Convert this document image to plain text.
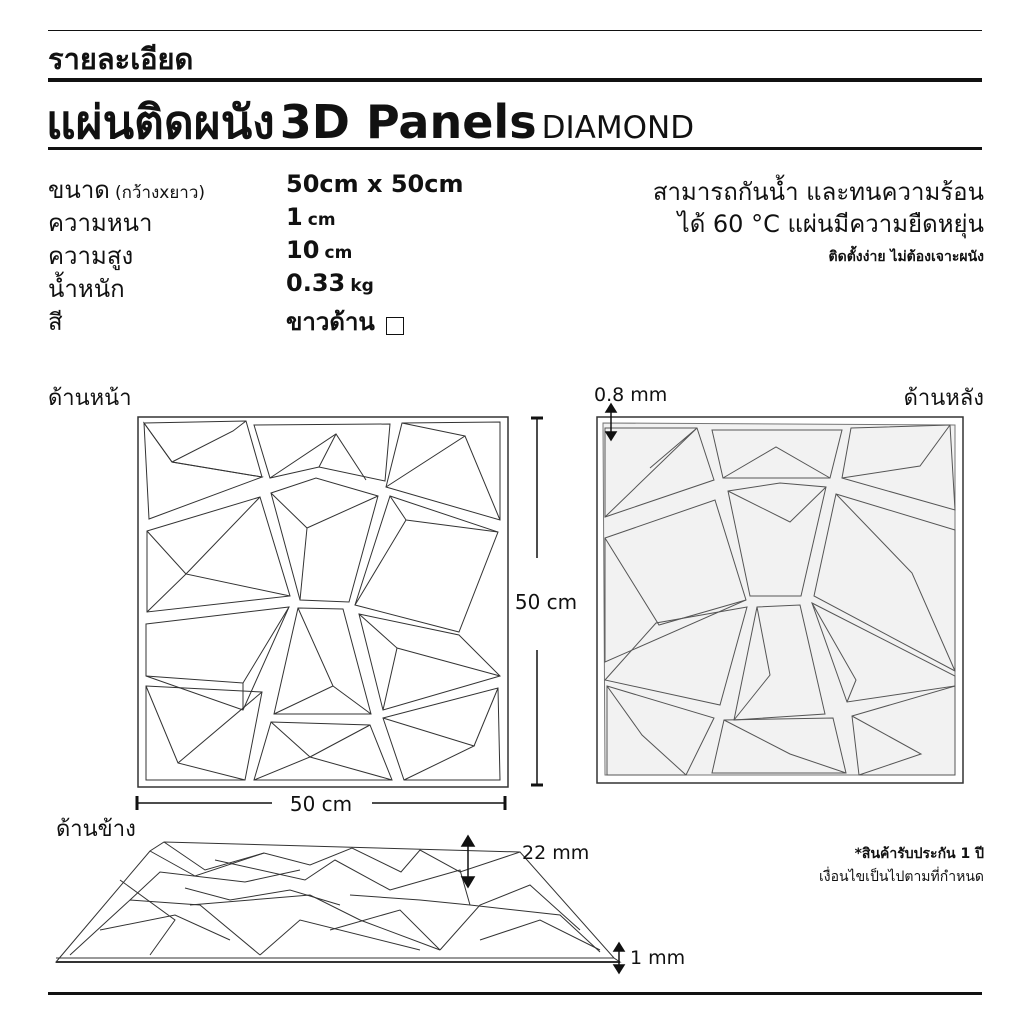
รายละเอียด
แผ่นติดผนัง 3D Panels DIAMOND
ขนาด (กว้างxยาว)	50cm x 50cm
ความหนา	1 cm
ความสูง	10 cm
น้ำหนัก	0.33 kg
สี	ขาวด้าน
สามารถกันน้ำ และทนความร้อน
ได้ 60 °C แผ่นมีความยืดหยุ่น
ติดตั้งง่าย ไม่ต้องเจาะผนัง
ด้านหน้า	ด้านหลัง
ด้านข้าง
50 cm
50 cm
0.8 mm
22 mm
1 mm
*สินค้ารับประกัน 1 ปี
เงื่อนไขเป็นไปตามที่กำหนด
